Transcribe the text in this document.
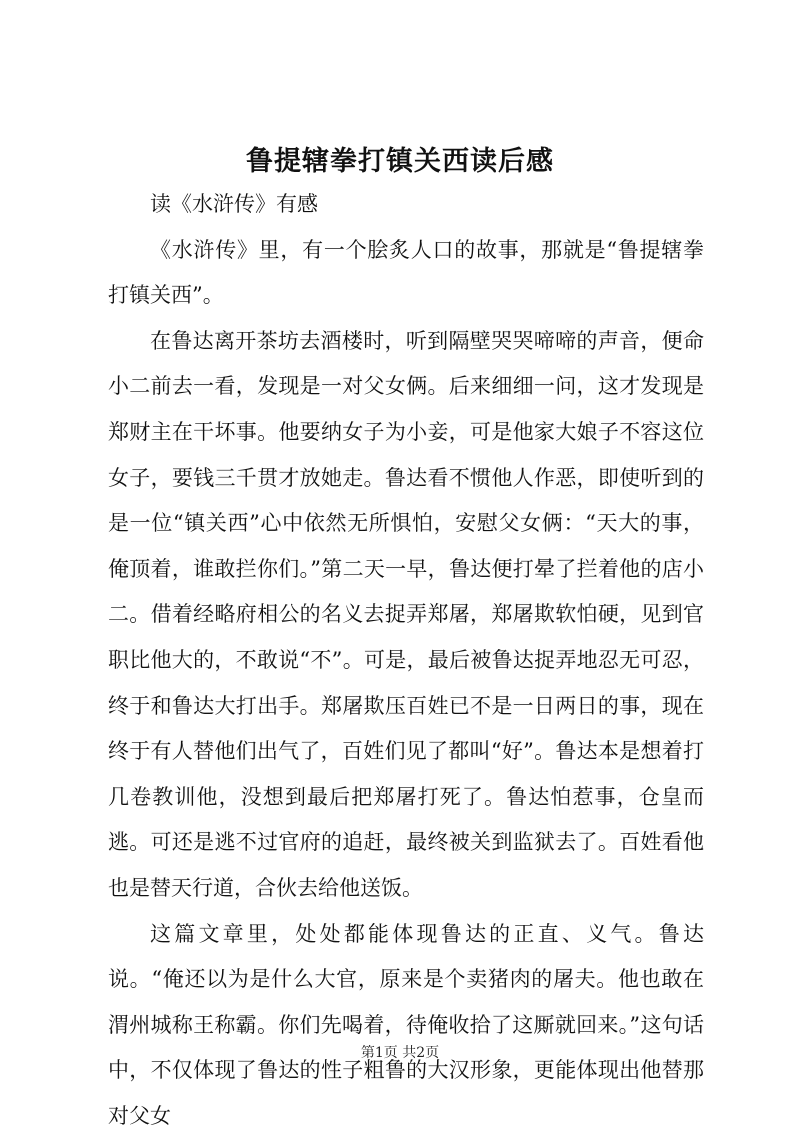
鲁提辖拳打镇关西读后感

读《水浒传》有感

《水浒传》里，有一个脍炙人口的故事，那就是“鲁提辖拳打镇关西”。

在鲁达离开茶坊去酒楼时，听到隔壁哭哭啼啼的声音，便命小二前去一看，发现是一对父女俩。后来细细一问，这才发现是郑财主在干坏事。他要纳女子为小妾，可是他家大娘子不容这位女子，要钱三千贯才放她走。鲁达看不惯他人作恶，即使听到的是一位“镇关西”心中依然无所惧怕，安慰父女俩：“天大的事，俺顶着，谁敢拦你们。”第二天一早，鲁达便打晕了拦着他的店小二。借着经略府相公的名义去捉弄郑屠，郑屠欺软怕硬，见到官职比他大的，不敢说“不”。可是，最后被鲁达捉弄地忍无可忍，终于和鲁达大打出手。郑屠欺压百姓已不是一日两日的事，现在终于有人替他们出气了，百姓们见了都叫“好”。鲁达本是想着打几卷教训他，没想到最后把郑屠打死了。鲁达怕惹事，仓皇而逃。可还是逃不过官府的追赶，最终被关到监狱去了。百姓看他也是替天行道，合伙去给他送饭。

这篇文章里，处处都能体现鲁达的正直、义气。鲁达说。“俺还以为是什么大官，原来是个卖猪肉的屠夫。他也敢在渭州城称王称霸。你们先喝着，待俺收拾了这厮就回来。”这句话中，不仅体现了鲁达的性子粗鲁的大汉形象，更能体现出他替那对父女

第1页 共2页
